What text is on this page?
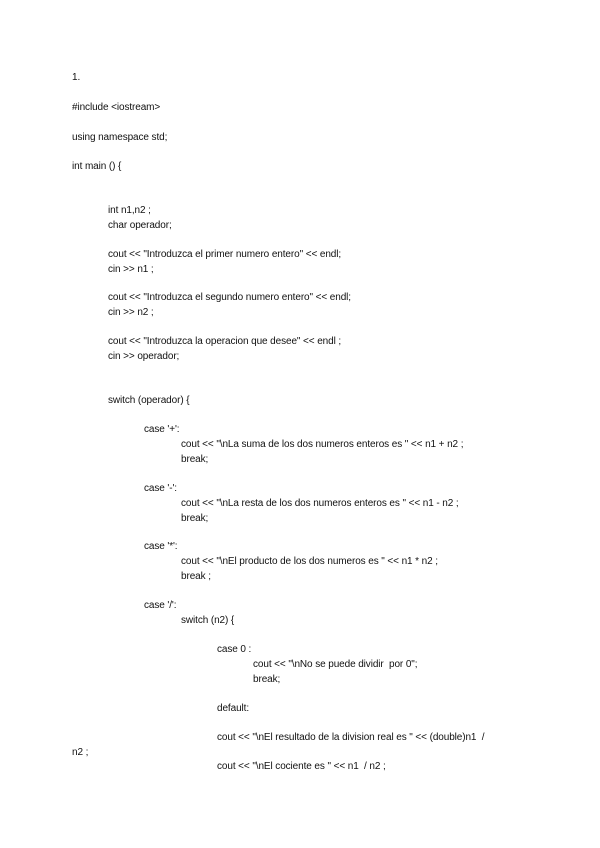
1.
#include <iostream>
using namespace std;
int main () {
int n1,n2 ;
char operador;
cout << "Introduzca el primer numero entero" << endl;
cin >> n1 ;
cout << "Introduzca el segundo numero entero" << endl;
cin >> n2 ;
cout << "Introduzca la operacion que desee" << endl ;
cin >> operador;
switch (operador) {
case '+':
cout << "\nLa suma de los dos numeros enteros es " << n1 + n2 ;
break;
case '-':
cout << "\nLa resta de los dos numeros enteros es " << n1 - n2 ;
break;
case '*':
cout << "\nEl producto de los dos numeros es " << n1 * n2 ;
break ;
case '/':
switch (n2) {
case 0 :
cout << "\nNo se puede dividir  por 0";
break;
default:
cout << "\nEl resultado de la division real es " << (double)n1  /
n2 ;
cout << "\nEl cociente es " << n1  / n2 ;
